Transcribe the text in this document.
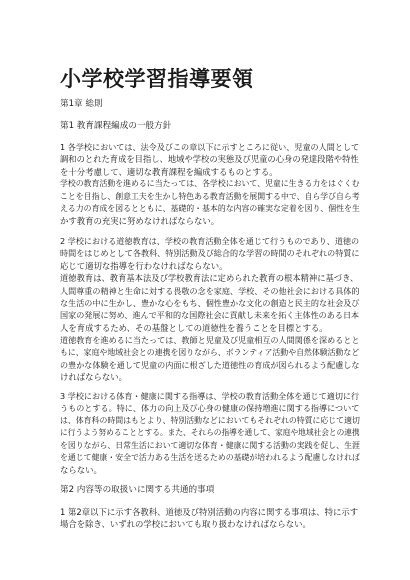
小学校学習指導要領
第1章 総則
第1 教育課程編成の一般方針
1 各学校においては、法令及びこの章以下に示すところに従い、児童の人間として
調和のとれた育成を目指し、地域や学校の実態及び児童の心身の発達段階や特性
を十分考慮して、適切な教育課程を編成するものとする。
学校の教育活動を進めるに当たっては、各学校において、児童に生きる力をはぐくむ
ことを目指し、創意工夫を生かし特色ある教育活動を展開する中で、自ら学び自ら考
える力の育成を図るとともに、基礎的・基本的な内容の確実な定着を図り、個性を生
かす教育の充実に努めなければならない。
2 学校における道徳教育は、学校の教育活動全体を通じて行うものであり、道徳の
時間をはじめとして各教科、特別活動及び総合的な学習の時間のそれぞれの特質に
応じて適切な指導を行わなければならない。
道徳教育は、教育基本法及び学校教育法に定められた教育の根本精神に基づき、
人間尊重の精神と生命に対する畏敬の念を家庭、学校、その他社会における具体的
な生活の中に生かし、豊かな心をもち、個性豊かな文化の創造と民主的な社会及び
国家の発展に努め、進んで平和的な国際社会に貢献し未来を拓く主体性のある日本
人を育成するため、その基盤としての道徳性を養うことを目標とする。
道徳教育を進めるに当たっては、教師と児童及び児童相互の人間関係を深めるとと
もに、家庭や地域社会との連携を図りながら、ボランティア活動や自然体験活動など
の豊かな体験を通して児童の内面に根ざした道徳性の育成が図られるよう配慮しな
ければならない。
3 学校における体育・健康に関する指導は、学校の教育活動全体を通じて適切に行
うものとする。特に、体力の向上及び心身の健康の保持増進に関する指導について
は、体育科の時間はもとより、特別活動などにおいてもそれぞれの特質に応じて適切
に行うよう努めることとする。また、それらの指導を通して、家庭や地域社会との連携
を図りながら、日常生活において適切な体育・健康に関する活動の実践を促し、生涯
を通じて健康・安全で活力ある生活を送るための基礎が培われるよう配慮しなければ
ならない。
第2 内容等の取扱いに関する共通的事項
1 第2章以下に示す各教科、道徳及び特別活動の内容に関する事項は、特に示す
場合を除き、いずれの学校においても取り扱わなければならない。
